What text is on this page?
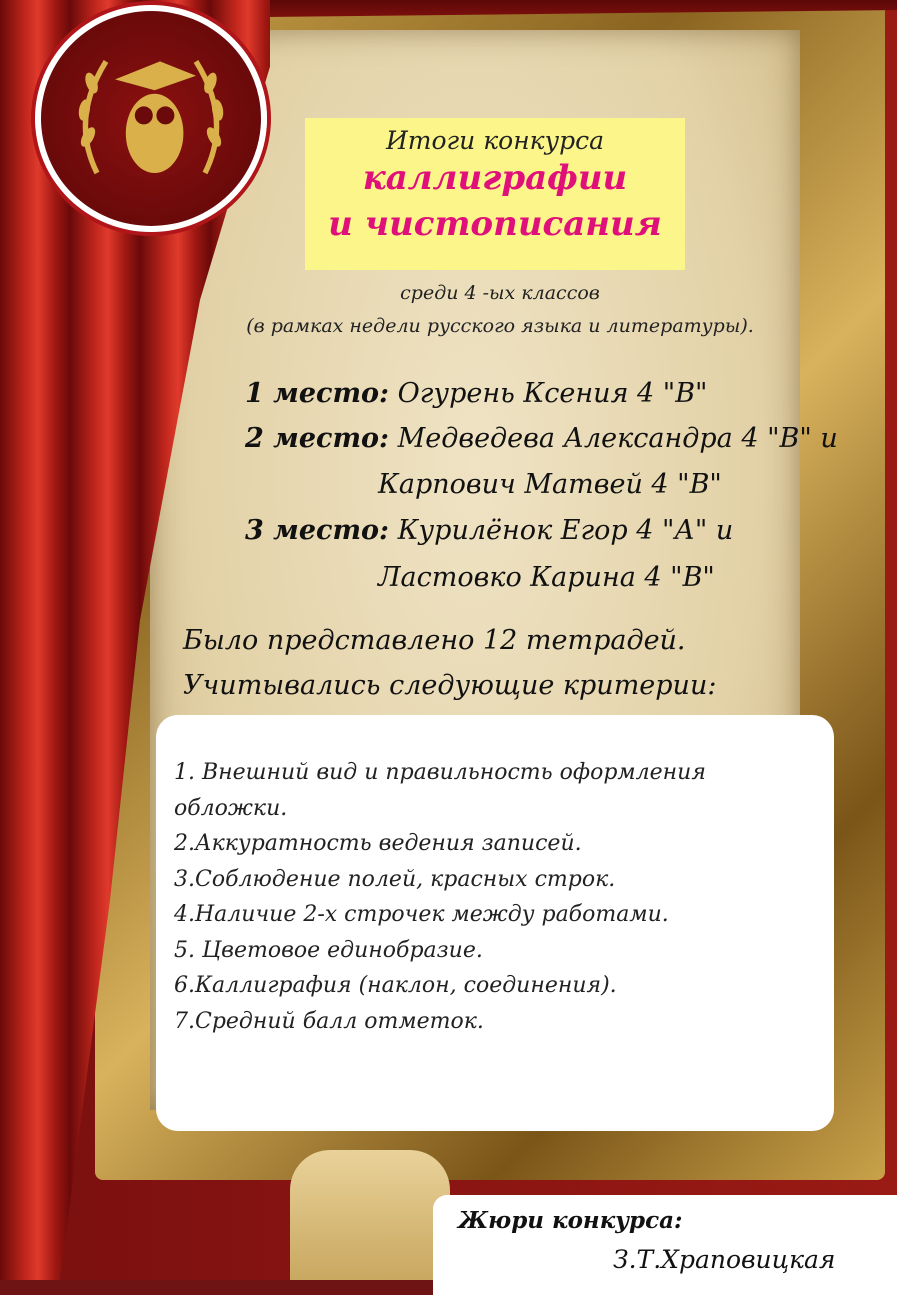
Итоги конкурса
каллиграфии
и чистописания
среди 4 -ых классов
(в рамках недели русского языка и литературы).
1 место: Огурень Ксения 4 "В"
2 место: Медведева Александра 4 "В" и
Карпович Матвей 4 "В"
3 место: Курилёнок Егор 4 "А" и
Ластовко Карина 4 "В"
Было представлено 12 тетрадей.
Учитывались следующие критерии:
1. Внешний вид и правильность оформления
обложки.
2.Аккуратность ведения записей.
3.Соблюдение полей, красных строк.
4.Наличие 2-х строчек между работами.
5. Цветовое единобразие.
6.Каллиграфия (наклон, соединения).
7.Средний балл отметок.
Жюри конкурса:
З.Т.Храповицкая
